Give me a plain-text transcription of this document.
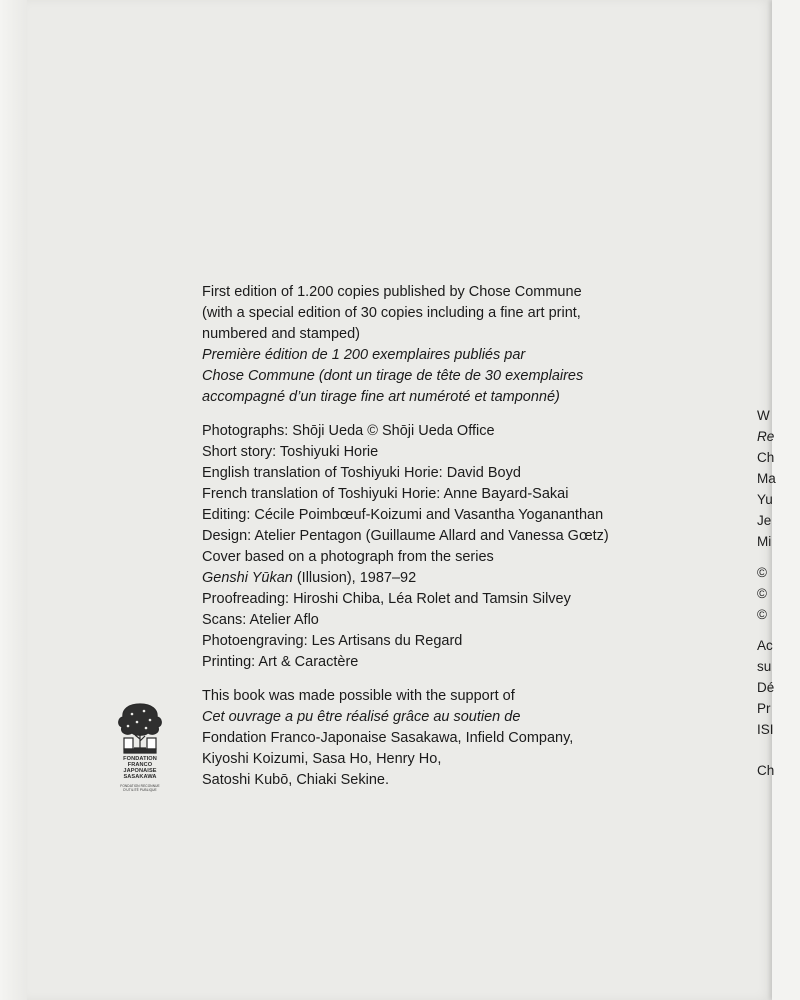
W
Re
Ch
Ma
Yu
Je
Mi
©
©
©
Ac
su
Dé
Pr
ISI
Ch

First edition of 1.200 copies published by Chose Commune

(with a special edition of 30 copies including a fine art print,

numbered and stamped)

Première édition de 1 200 exemplaires publiés par

Chose Commune (dont un tirage de tête de 30 exemplaires

accompagné d’un tirage fine art numéroté et tamponné)

Photographs: Shōji Ueda © Shōji Ueda Office

Short story: Toshiyuki Horie

English translation of Toshiyuki Horie: David Boyd

French translation of Toshiyuki Horie: Anne Bayard-Sakai

Editing: Cécile Poimbœuf-Koizumi and Vasantha Yogananthan

Design: Atelier Pentagon (Guillaume Allard and Vanessa Gœtz)

Cover based on a photograph from the series

Genshi Yūkan (Illusion), 1987–92

Proofreading: Hiroshi Chiba, Léa Rolet and Tamsin Silvey

Scans: Atelier Aflo

Photoengraving: Les Artisans du Regard

Printing: Art & Caractère

This book was made possible with the support of

Cet ouvrage a pu être réalisé grâce au soutien de

Fondation Franco-Japonaise Sasakawa, Infield Company,

Kiyoshi Koizumi, Sasa Ho, Henry Ho,

Satoshi Kubō, Chiaki Sekine.

FONDATION
FRANCO
JAPONAISE
SASAKAWA
FONDATION RECONNUE
D'UTILITÉ PUBLIQUE
